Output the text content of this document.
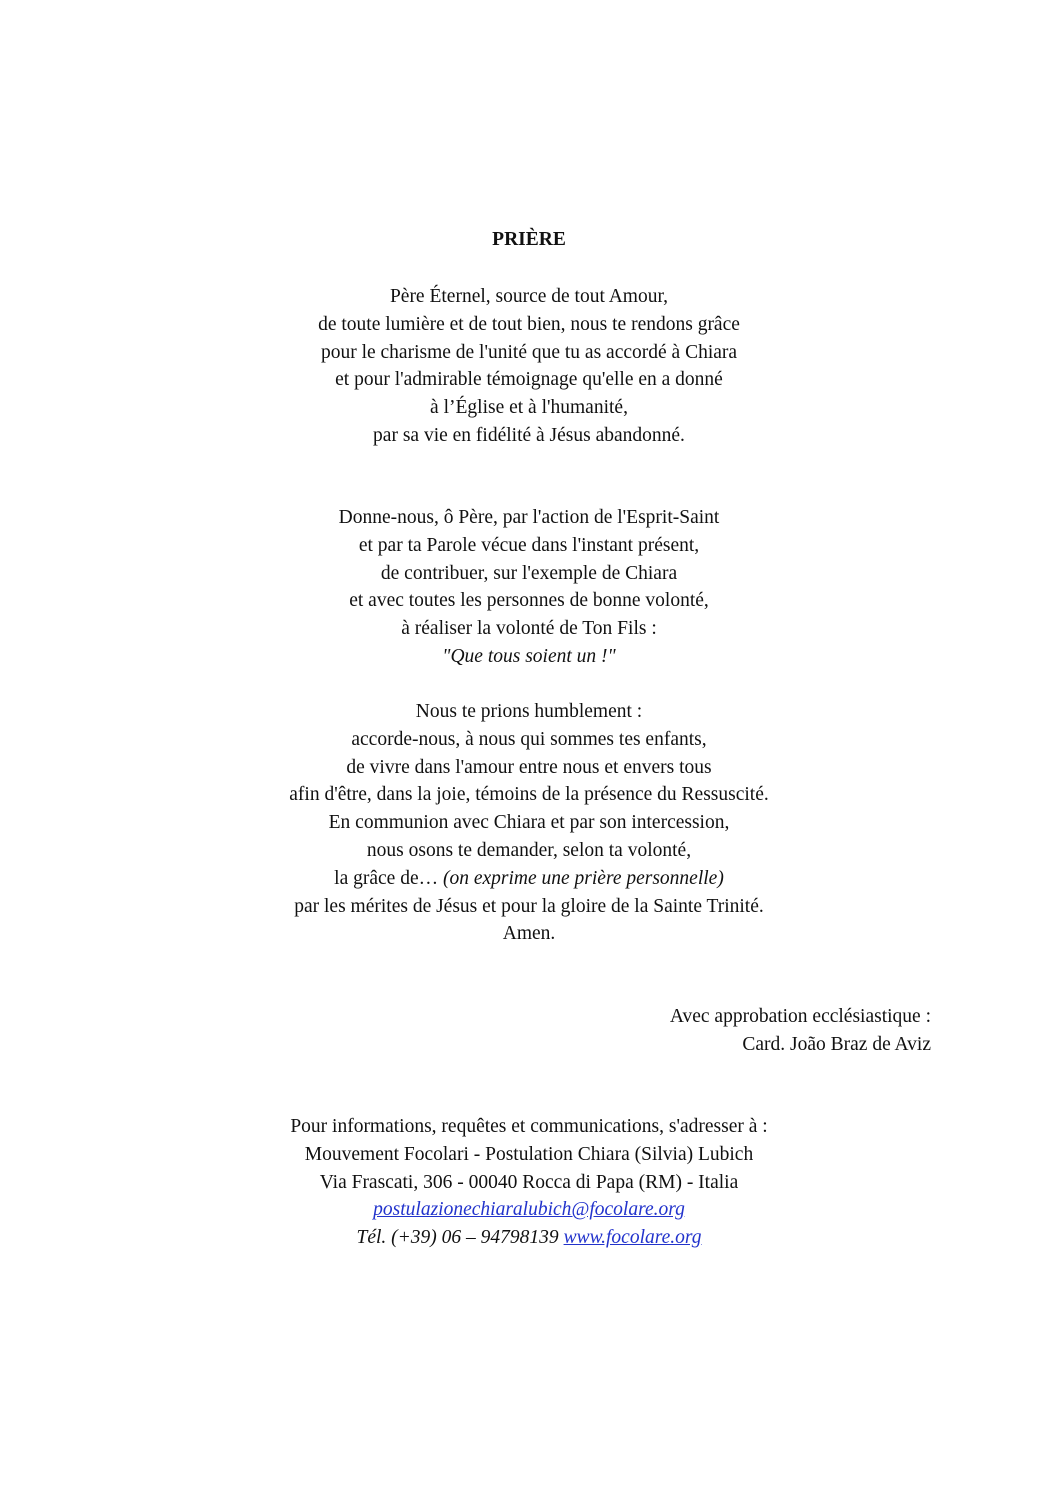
PRIÈRE
Père Éternel, source de tout Amour,
de toute lumière et de tout bien, nous te rendons grâce
pour le charisme de l'unité que tu as accordé à Chiara
et pour l'admirable témoignage qu'elle en a donné
à l’Église et à l'humanité,
par sa vie en fidélité à Jésus abandonné.
Donne-nous, ô Père, par l'action de l'Esprit-Saint
et par ta Parole vécue dans l'instant présent,
de contribuer, sur l'exemple de Chiara
et avec toutes les personnes de bonne volonté,
à réaliser la volonté de Ton Fils :
"Que tous soient un !"
Nous te prions humblement :
accorde-nous, à nous qui sommes tes enfants,
de vivre dans l'amour entre nous et envers tous
afin d'être, dans la joie, témoins de la présence du Ressuscité.
En communion avec Chiara et par son intercession,
nous osons te demander, selon ta volonté,
la grâce de… (on exprime une prière personnelle)
par les mérites de Jésus et pour la gloire de la Sainte Trinité.
Amen.
Avec approbation ecclésiastique :
Card. João Braz de Aviz
Pour informations, requêtes et communications, s'adresser à :
Mouvement Focolari - Postulation Chiara (Silvia) Lubich
Via Frascati, 306 - 00040 Rocca di Papa (RM) - Italia
postulazionechiaralubich@focolare.org
Tél. (+39) 06 – 94798139 www.focolare.org
